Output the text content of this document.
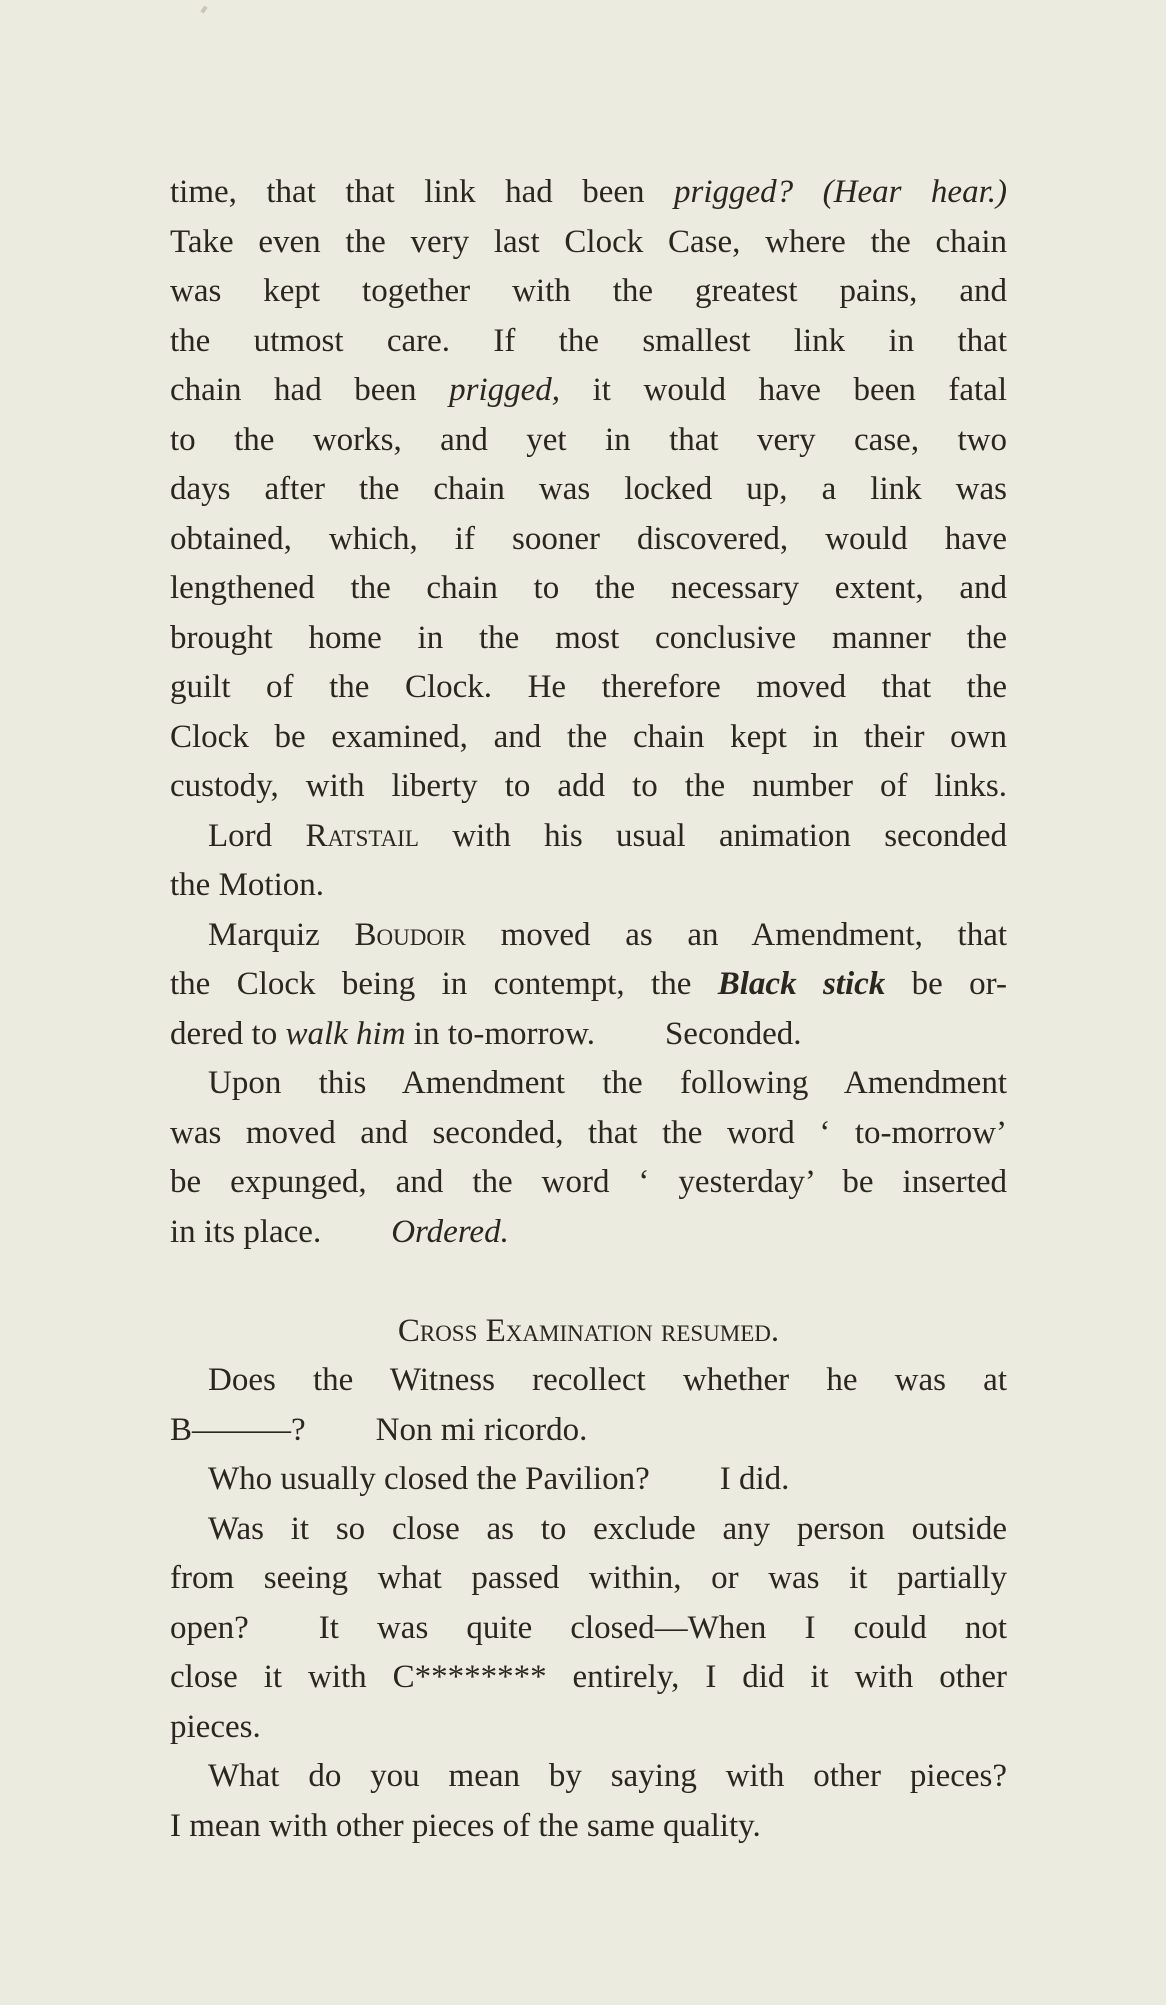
time, that that link had been prigged? (Hear hear.)
Take even the very last Clock Case, where the chain
was kept together with the greatest pains, and
the utmost care. If the smallest link in that
chain had been prigged, it would have been fatal
to the works, and yet in that very case, two
days after the chain was locked up, a link was
obtained, which, if sooner discovered, would have
lengthened the chain to the necessary extent, and
brought home in the most conclusive manner the
guilt of the Clock. He therefore moved that the
Clock be examined, and the chain kept in their own
custody, with liberty to add to the number of links.
Lord Ratstail with his usual animation seconded
the Motion.
Marquiz Boudoir moved as an Amendment, that
the Clock being in contempt, the Black stick be or-
dered to walk him in to-morrow. Seconded.
Upon this Amendment the following Amendment
was moved and seconded, that the word ‘ to-morrow’
be expunged, and the word ‘ yesterday’ be inserted
in its place. Ordered.
Cross Examination resumed.
Does the Witness recollect whether he was at
B———? Non mi ricordo.
Who usually closed the Pavilion? I did.
Was it so close as to exclude any person outside
from seeing what passed within, or was it partially
open? It was quite closed—When I could not
close it with C******** entirely, I did it with other
pieces.
What do you mean by saying with other pieces?
I mean with other pieces of the same quality.
